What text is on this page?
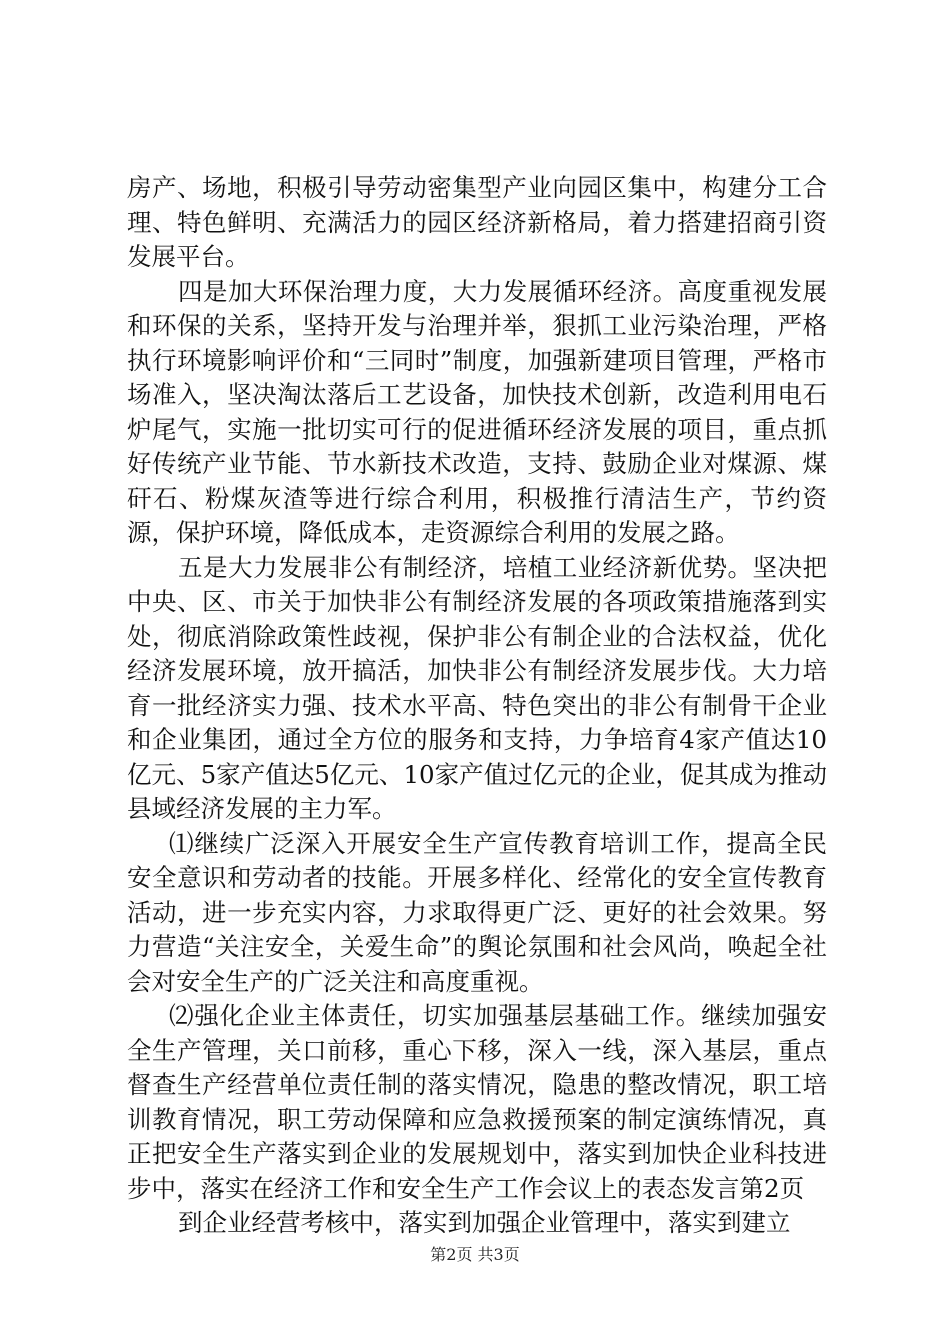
房产、场地，积极引导劳动密集型产业向园区集中，构建分工合理、特色鲜明、充满活力的园区经济新格局，着力搭建招商引资发展平台。

四是加大环保治理力度，大力发展循环经济。高度重视发展和环保的关系，坚持开发与治理并举，狠抓工业污染治理，严格执行环境影响评价和“三同时”制度，加强新建项目管理，严格市场准入，坚决淘汰落后工艺设备，加快技术创新，改造利用电石炉尾气，实施一批切实可行的促进循环经济发展的项目，重点抓好传统产业节能、节水新技术改造，支持、鼓励企业对煤源、煤矸石、粉煤灰渣等进行综合利用，积极推行清洁生产，节约资源，保护环境，降低成本，走资源综合利用的发展之路。

五是大力发展非公有制经济，培植工业经济新优势。坚决把中央、区、市关于加快非公有制经济发展的各项政策措施落到实处，彻底消除政策性歧视，保护非公有制企业的合法权益，优化经济发展环境，放开搞活，加快非公有制经济发展步伐。大力培育一批经济实力强、技术水平高、特色突出的非公有制骨干企业和企业集团，通过全方位的服务和支持，力争培育4家产值达10亿元、5家产值达5亿元、10家产值过亿元的企业，促其成为推动县域经济发展的主力军。

⑴继续广泛深入开展安全生产宣传教育培训工作，提高全民安全意识和劳动者的技能。开展多样化、经常化的安全宣传教育活动，进一步充实内容，力求取得更广泛、更好的社会效果。努力营造“关注安全，关爱生命”的舆论氛围和社会风尚，唤起全社会对安全生产的广泛关注和高度重视。

⑵强化企业主体责任，切实加强基层基础工作。继续加强安全生产管理，关口前移，重心下移，深入一线，深入基层，重点督查生产经营单位责任制的落实情况，隐患的整改情况，职工培训教育情况，职工劳动保障和应急救援预案的制定演练情况，真正把安全生产落实到企业的发展规划中，落实到加快企业科技进步中，落实在经济工作和安全生产工作会议上的表态发言第2页

到企业经营考核中，落实到加强企业管理中，落实到建立

第2页 共3页
